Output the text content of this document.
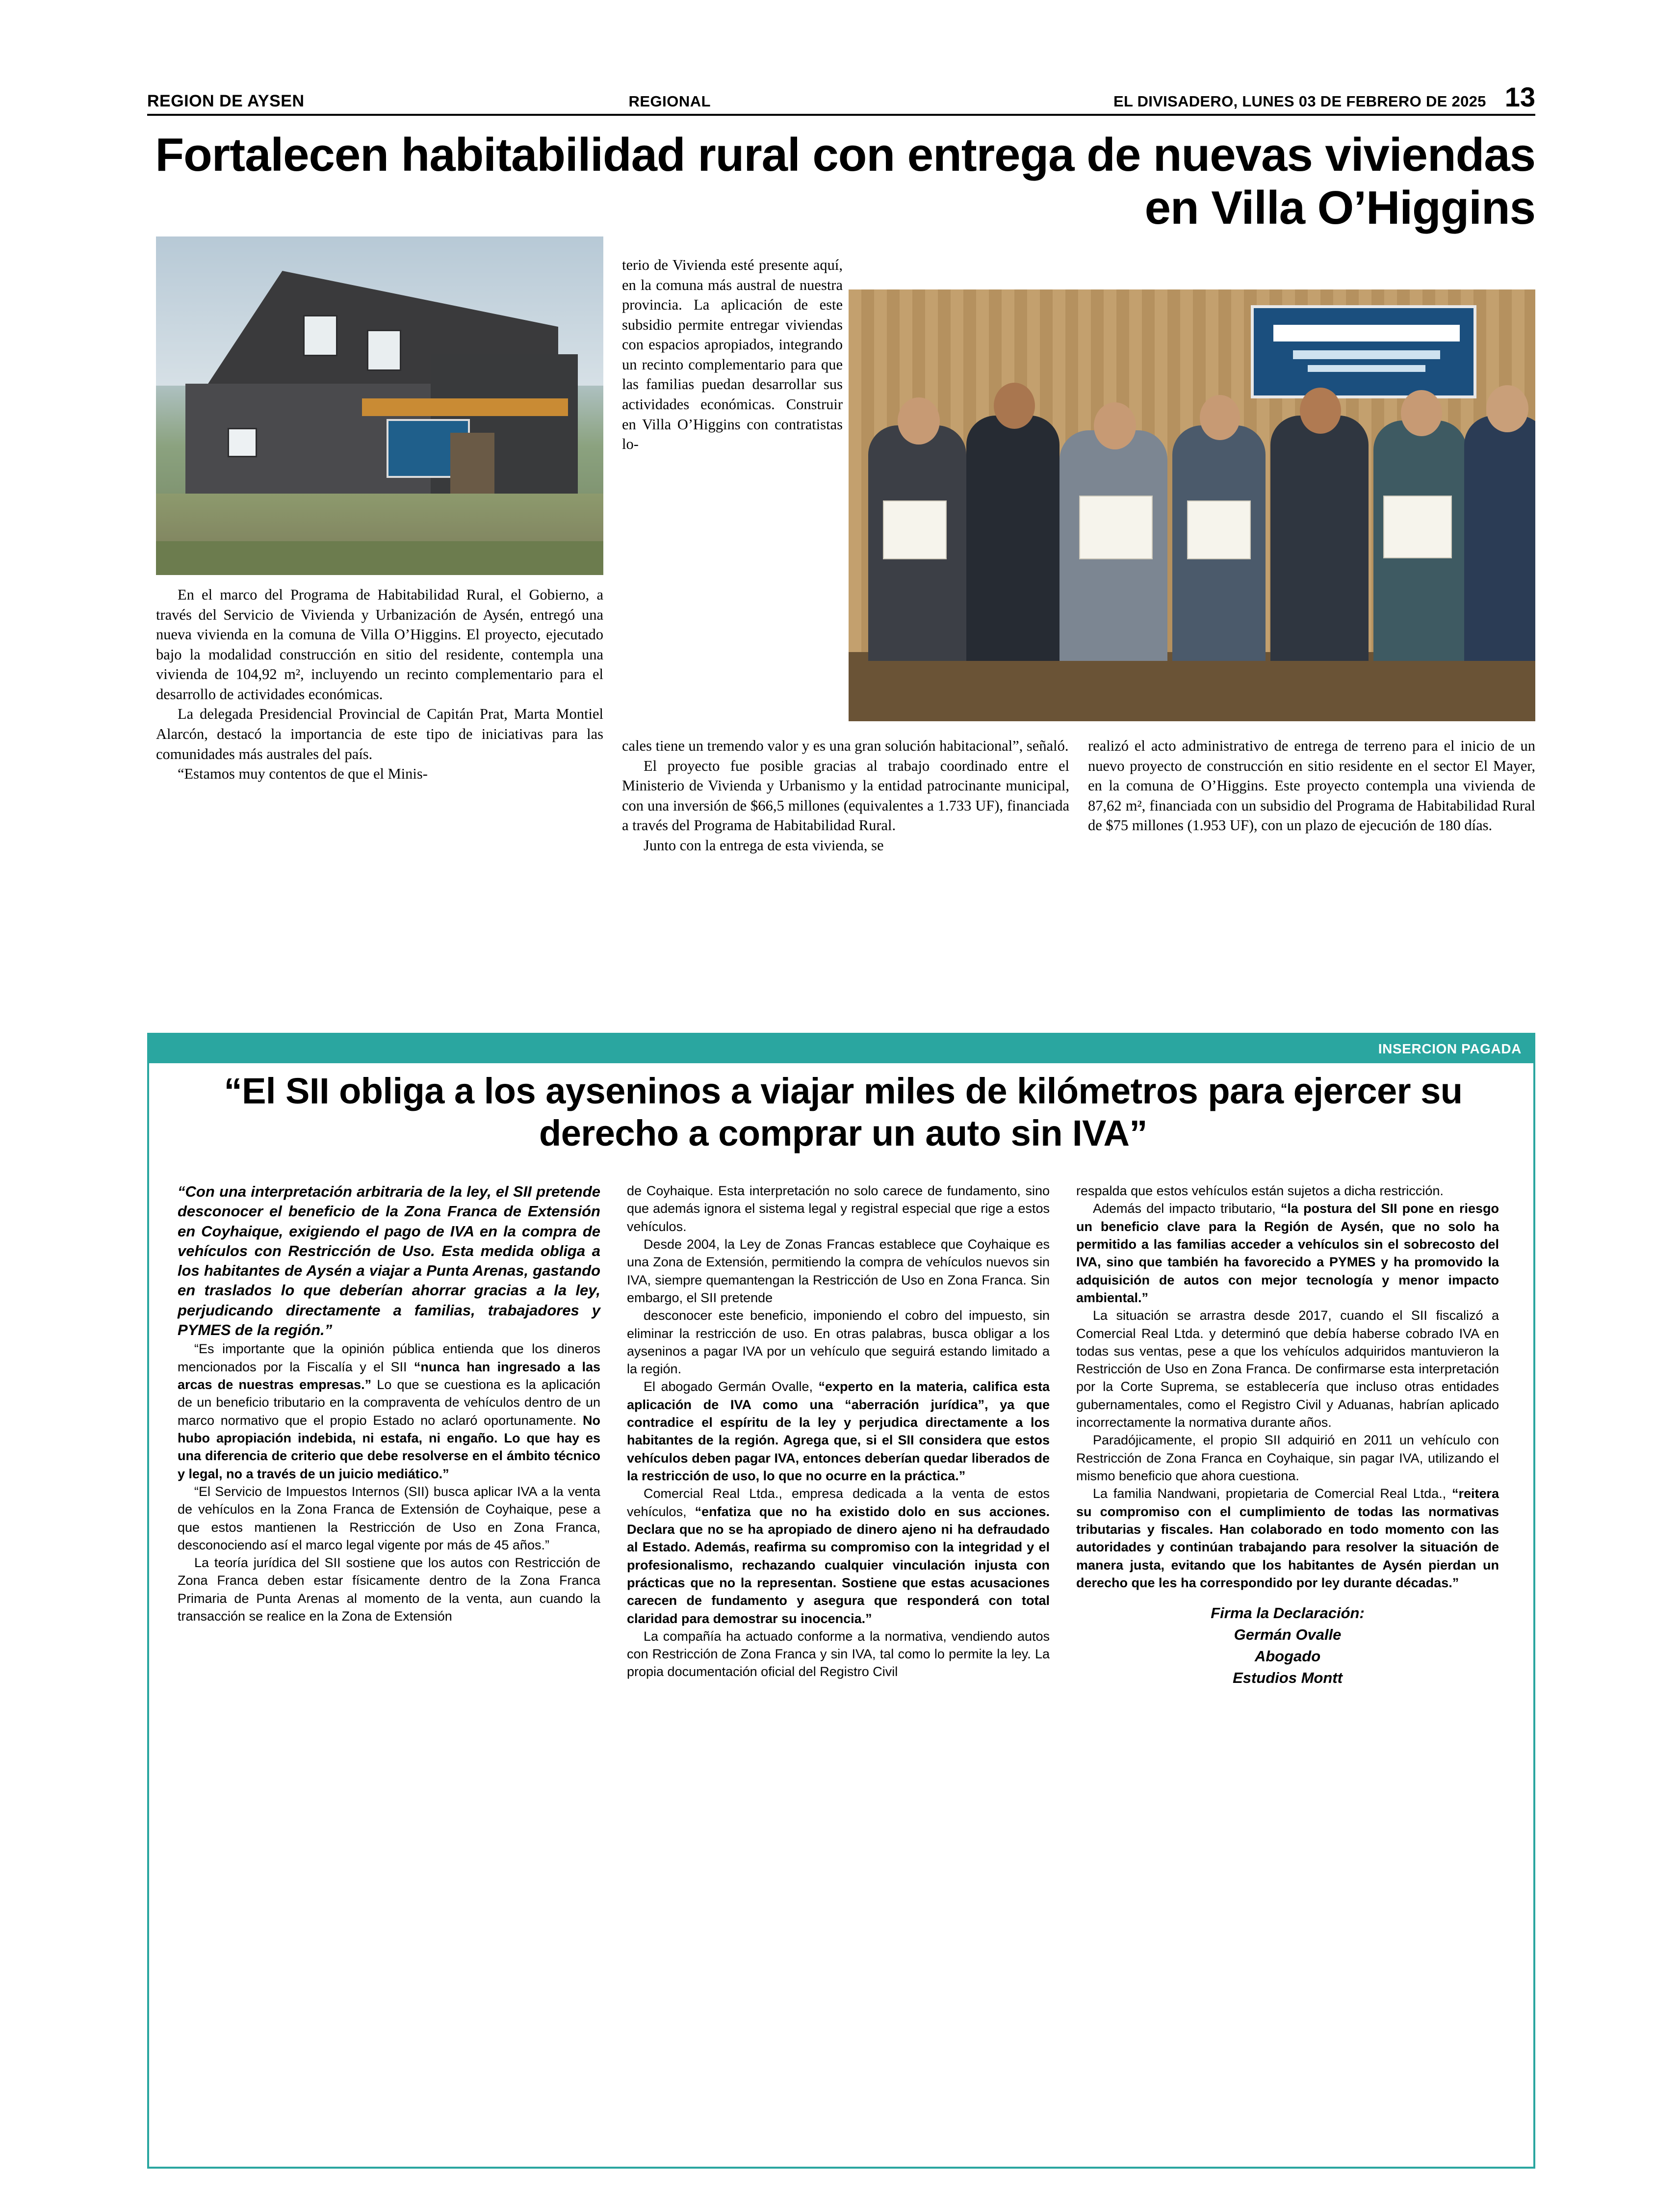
REGION DE AYSEN	REGIONAL	EL DIVISADERO, LUNES 03 DE FEBRERO DE 2025 13
Fortalecen habitabilidad rural con entrega de nuevas viviendas en Villa O’Higgins

En el marco del Programa de Habitabilidad Rural, el Gobierno, a través del Servicio de Vivienda y Urbanización de Aysén, entregó una nueva vivienda en la comuna de Villa O’Higgins. El proyecto, ejecutado bajo la modalidad construcción en sitio del residente, contempla una vivienda de 104,92 m², incluyendo un recinto complementario para el desarrollo de actividades económicas.

La delegada Presidencial Provincial de Capitán Prat, Marta Montiel Alarcón, destacó la importancia de este tipo de iniciativas para las comunidades más australes del país.

“Estamos muy contentos de que el Minis-

terio de Vivienda esté presente aquí, en la comuna más austral de nuestra provincia. La aplicación de este subsidio permite entregar viviendas con espacios apropiados, integrando un recinto complementario para que las familias puedan desarrollar sus actividades económicas. Construir en Villa O’Higgins con contratistas lo-

cales tiene un tremendo valor y es una gran solución habitacional”, señaló.

El proyecto fue posible gracias al trabajo coordinado entre el Ministerio de Vivienda y Urbanismo y la entidad patrocinante municipal, con una inversión de $66,5 millones (equivalentes a 1.733 UF), financiada a través del Programa de Habitabilidad Rural.

Junto con la entrega de esta vivienda, se

realizó el acto administrativo de entrega de terreno para el inicio de un nuevo proyecto de construcción en sitio residente en el sector El Mayer, en la comuna de O’Higgins. Este proyecto contempla una vivienda de 87,62 m², financiada con un subsidio del Programa de Habitabilidad Rural de $75 millones (1.953 UF), con un plazo de ejecución de 180 días.

INSERCION PAGADA
“El SII obliga a los ayseninos a viajar miles de kilómetros para ejercer su derecho a comprar un auto sin IVA”

“Con una interpretación arbitraria de la ley, el SII pretende desconocer el beneficio de la Zona Franca de Extensión en Coyhaique, exigiendo el pago de IVA en la compra de vehículos con Restricción de Uso. Esta medida obliga a los habitantes de Aysén a viajar a Punta Arenas, gastando en traslados lo que deberían ahorrar gracias a la ley, perjudicando directamente a familias, trabajadores y PYMES de la región.”

“Es importante que la opinión pública entienda que los dineros mencionados por la Fiscalía y el SII “nunca han ingresado a las arcas de nuestras empresas.” Lo que se cuestiona es la aplicación de un beneficio tributario en la compraventa de vehículos dentro de un marco normativo que el propio Estado no aclaró oportunamente. No hubo apropiación indebida, ni estafa, ni engaño. Lo que hay es una diferencia de criterio que debe resolverse en el ámbito técnico y legal, no a través de un juicio mediático.”

“El Servicio de Impuestos Internos (SII) busca aplicar IVA a la venta de vehículos en la Zona Franca de Extensión de Coyhaique, pese a que estos mantienen la Restricción de Uso en Zona Franca, desconociendo así el marco legal vigente por más de 45 años.”

La teoría jurídica del SII sostiene que los autos con Restricción de Zona Franca deben estar físicamente dentro de la Zona Franca Primaria de Punta Arenas al momento de la venta, aun cuando la transacción se realice en la Zona de Extensión

de Coyhaique. Esta interpretación no solo carece de fundamento, sino que además ignora el sistema legal y registral especial que rige a estos vehículos.

Desde 2004, la Ley de Zonas Francas establece que Coyhaique es una Zona de Extensión, permitiendo la compra de vehículos nuevos sin IVA, siempre quemantengan la Restricción de Uso en Zona Franca. Sin embargo, el SII pretende

desconocer este beneficio, imponiendo el cobro del impuesto, sin eliminar la restricción de uso. En otras palabras, busca obligar a los ayseninos a pagar IVA por un vehículo que seguirá estando limitado a la región.

El abogado Germán Ovalle, “experto en la materia, califica esta aplicación de IVA como una “aberración jurídica”, ya que contradice el espíritu de la ley y perjudica directamente a los habitantes de la región. Agrega que, si el SII considera que estos vehículos deben pagar IVA, entonces deberían quedar liberados de la restricción de uso, lo que no ocurre en la práctica.”

Comercial Real Ltda., empresa dedicada a la venta de estos vehículos, “enfatiza que no ha existido dolo en sus acciones. Declara que no se ha apropiado de dinero ajeno ni ha defraudado al Estado. Además, reafirma su compromiso con la integridad y el profesionalismo, rechazando cualquier vinculación injusta con prácticas que no la representan. Sostiene que estas acusaciones carecen de fundamento y asegura que responderá con total claridad para demostrar su inocencia.”

La compañía ha actuado conforme a la normativa, vendiendo autos con Restricción de Zona Franca y sin IVA, tal como lo permite la ley. La propia documentación oficial del Registro Civil

respalda que estos vehículos están sujetos a dicha restricción.

Además del impacto tributario, “la postura del SII pone en riesgo un beneficio clave para la Región de Aysén, que no solo ha permitido a las familias acceder a vehículos sin el sobrecosto del IVA, sino que también ha favorecido a PYMES y ha promovido la adquisición de autos con mejor tecnología y menor impacto ambiental.”

La situación se arrastra desde 2017, cuando el SII fiscalizó a Comercial Real Ltda. y determinó que debía haberse cobrado IVA en todas sus ventas, pese a que los vehículos adquiridos mantuvieron la Restricción de Uso en Zona Franca. De confirmarse esta interpretación por la Corte Suprema, se establecería que incluso otras entidades gubernamentales, como el Registro Civil y Aduanas, habrían aplicado incorrectamente la normativa durante años.

Paradójicamente, el propio SII adquirió en 2011 un vehículo con Restricción de Zona Franca en Coyhaique, sin pagar IVA, utilizando el mismo beneficio que ahora cuestiona.

La familia Nandwani, propietaria de Comercial Real Ltda., “reitera su compromiso con el cumplimiento de todas las normativas tributarias y fiscales. Han colaborado en todo momento con las autoridades y continúan trabajando para resolver la situación de manera justa, evitando que los habitantes de Aysén pierdan un derecho que les ha correspondido por ley durante décadas.”

Firma la Declaración:
Germán Ovalle
Abogado
Estudios Montt
